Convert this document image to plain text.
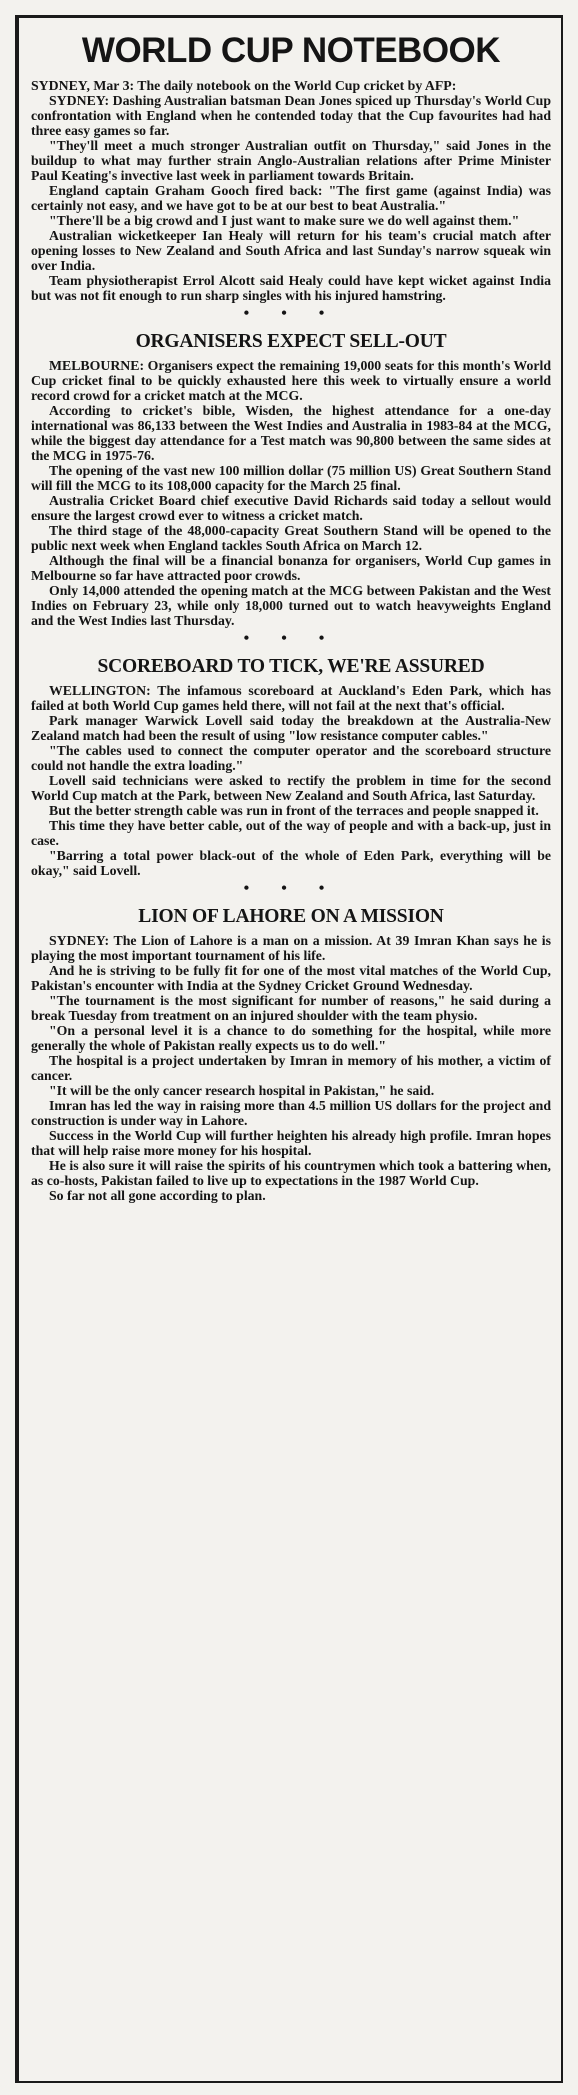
WORLD CUP NOTEBOOK

SYDNEY, Mar 3: The daily notebook on the World Cup cricket by AFP:

SYDNEY: Dashing Australian batsman Dean Jones spiced up Thursday's World Cup confrontation with England when he contended today that the Cup favourites had had three easy games so far.

"They'll meet a much stronger Australian outfit on Thursday," said Jones in the buildup to what may further strain Anglo-Australian relations after Prime Minister Paul Keating's invective last week in parliament towards Britain.

England captain Graham Gooch fired back: "The first game (against India) was certainly not easy, and we have got to be at our best to beat Australia."

"There'll be a big crowd and I just want to make sure we do well against them."

Australian wicketkeeper Ian Healy will return for his team's crucial match after opening losses to New Zealand and South Africa and last Sunday's narrow squeak win over India.

Team physiotherapist Errol Alcott said Healy could have kept wicket against India but was not fit enough to run sharp singles with his injured hamstring.

• • •
ORGANISERS EXPECT SELL-OUT

MELBOURNE: Organisers expect the remaining 19,000 seats for this month's World Cup cricket final to be quickly exhausted here this week to virtually ensure a world record crowd for a cricket match at the MCG.

According to cricket's bible, Wisden, the highest attendance for a one-day international was 86,133 between the West Indies and Australia in 1983-84 at the MCG, while the biggest day attendance for a Test match was 90,800 between the same sides at the MCG in 1975-76.

The opening of the vast new 100 million dollar (75 million US) Great Southern Stand will fill the MCG to its 108,000 capacity for the March 25 final.

Australia Cricket Board chief executive David Richards said today a sellout would ensure the largest crowd ever to witness a cricket match.

The third stage of the 48,000-capacity Great Southern Stand will be opened to the public next week when England tackles South Africa on March 12.

Although the final will be a financial bonanza for organisers, World Cup games in Melbourne so far have attracted poor crowds.

Only 14,000 attended the opening match at the MCG between Pakistan and the West Indies on February 23, while only 18,000 turned out to watch heavyweights England and the West Indies last Thursday.

• • •
SCOREBOARD TO TICK, WE'RE ASSURED

WELLINGTON: The infamous scoreboard at Auckland's Eden Park, which has failed at both World Cup games held there, will not fail at the next that's official.

Park manager Warwick Lovell said today the breakdown at the Australia-New Zealand match had been the result of using "low resistance computer cables."

"The cables used to connect the computer operator and the scoreboard structure could not handle the extra loading."

Lovell said technicians were asked to rectify the problem in time for the second World Cup match at the Park, between New Zealand and South Africa, last Saturday.

But the better strength cable was run in front of the terraces and people snapped it.

This time they have better cable, out of the way of people and with a back-up, just in case.

"Barring a total power black-out of the whole of Eden Park, everything will be okay," said Lovell.

• • •
LION OF LAHORE ON A MISSION

SYDNEY: The Lion of Lahore is a man on a mission. At 39 Imran Khan says he is playing the most important tournament of his life.

And he is striving to be fully fit for one of the most vital matches of the World Cup, Pakistan's encounter with India at the Sydney Cricket Ground Wednesday.

"The tournament is the most significant for number of reasons," he said during a break Tuesday from treatment on an injured shoulder with the team physio.

"On a personal level it is a chance to do something for the hospital, while more generally the whole of Pakistan really expects us to do well."

The hospital is a project undertaken by Imran in memory of his mother, a victim of cancer.

"It will be the only cancer research hospital in Pakistan," he said.

Imran has led the way in raising more than 4.5 million US dollars for the project and construction is under way in Lahore.

Success in the World Cup will further heighten his already high profile. Imran hopes that will help raise more money for his hospital.

He is also sure it will raise the spirits of his countrymen which took a battering when, as co-hosts, Pakistan failed to live up to expectations in the 1987 World Cup.

So far not all gone according to plan.
